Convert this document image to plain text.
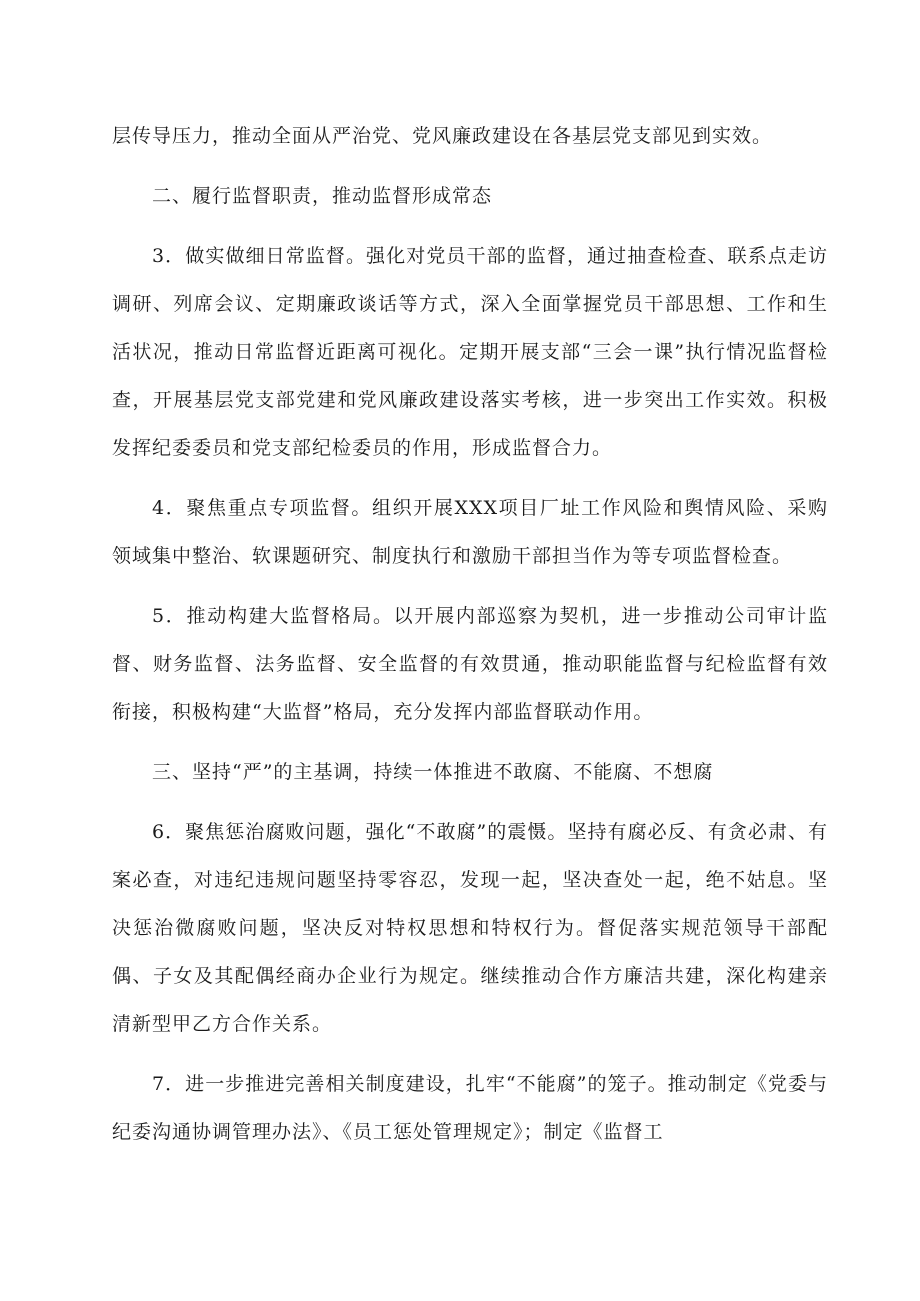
层传导压力，推动全面从严治党、党风廉政建设在各基层党支部见到实效。

二、履行监督职责，推动监督形成常态

3．做实做细日常监督。强化对党员干部的监督，通过抽查检查、联系点走访调研、列席会议、定期廉政谈话等方式，深入全面掌握党员干部思想、工作和生活状况，推动日常监督近距离可视化。定期开展支部“三会一课”执行情况监督检查，开展基层党支部党建和党风廉政建设落实考核，进一步突出工作实效。积极发挥纪委委员和党支部纪检委员的作用，形成监督合力。

4．聚焦重点专项监督。组织开展XXX项目厂址工作风险和舆情风险、采购领域集中整治、软课题研究、制度执行和激励干部担当作为等专项监督检查。

5．推动构建大监督格局。以开展内部巡察为契机，进一步推动公司审计监督、财务监督、法务监督、安全监督的有效贯通，推动职能监督与纪检监督有效衔接，积极构建“大监督”格局，充分发挥内部监督联动作用。

三、坚持“严”的主基调，持续一体推进不敢腐、不能腐、不想腐

6．聚焦惩治腐败问题，强化“不敢腐”的震慑。坚持有腐必反、有贪必肃、有案必查，对违纪违规问题坚持零容忍，发现一起，坚决查处一起，绝不姑息。坚决惩治微腐败问题，坚决反对特权思想和特权行为。督促落实规范领导干部配偶、子女及其配偶经商办企业行为规定。继续推动合作方廉洁共建，深化构建亲清新型甲乙方合作关系。

7．进一步推进完善相关制度建设，扎牢“不能腐”的笼子。推动制定《党委与纪委沟通协调管理办法》、《员工惩处管理规定》；制定《监督工
